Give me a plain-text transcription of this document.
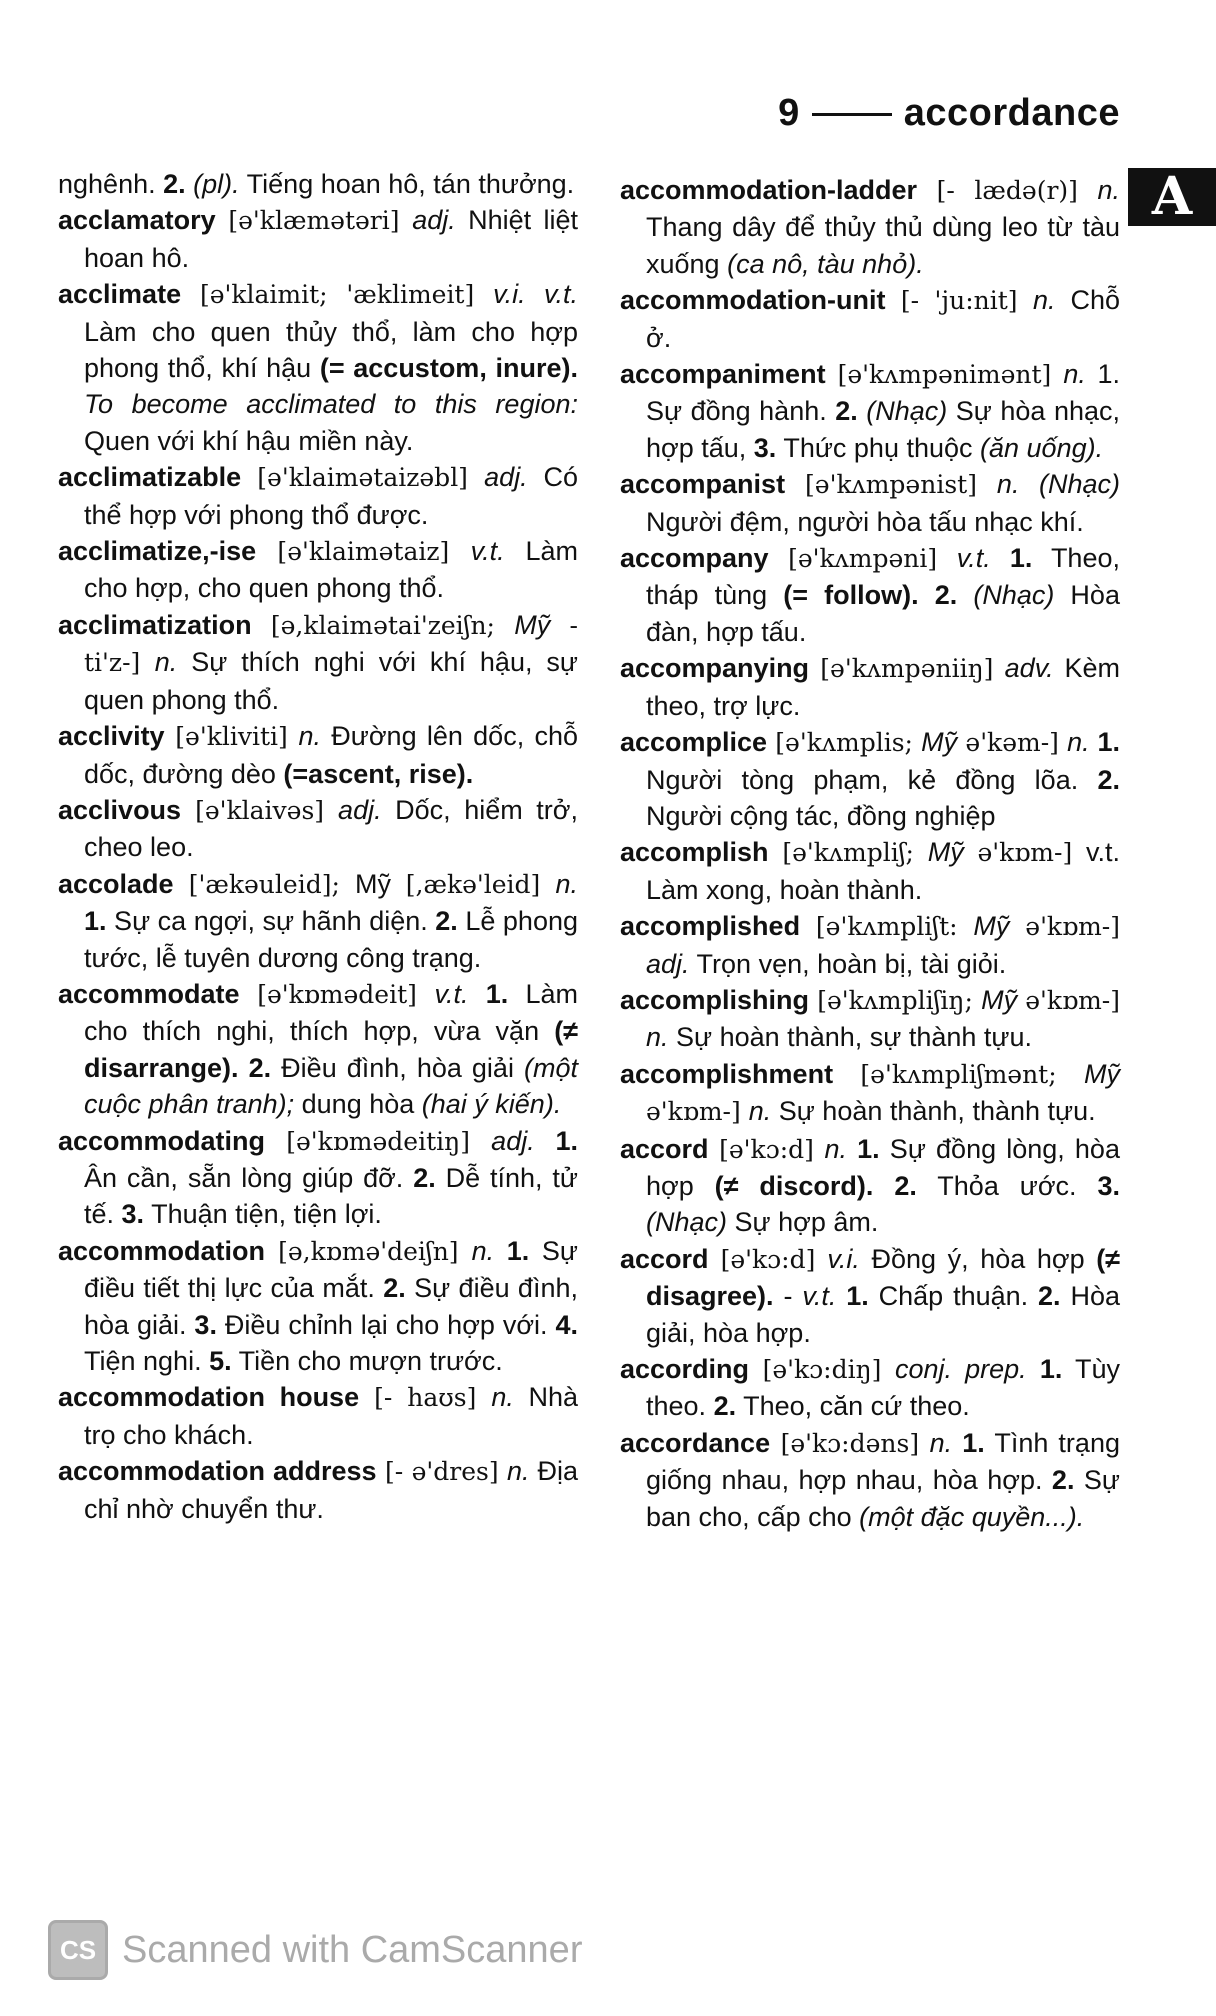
9	accordance
A

nghênh. 2. (pl). Tiếng hoan hô, tán thưởng.

acclamatory [ə'klæmətəri] adj. Nhiệt liệt hoan hô.

acclimate [ə'klaimit; 'æklimeit] v.i. v.t. Làm cho quen thủy thổ, làm cho hợp phong thổ, khí hậu (= accustom, inure). To become acclimated to this region: Quen với khí hậu miền này.

acclimatizable [ə'klaimətaizəbl] adj. Có thể hợp với phong thổ được.

acclimatize,-ise [ə'klaimətaiz] v.t. Làm cho hợp, cho quen phong thổ.

acclimatization [ə,klaimətai'zeiʃn; Mỹ -ti'z-] n. Sự thích nghi với khí hậu, sự quen phong thổ.

acclivity [ə'kliviti] n. Đường lên dốc, chỗ dốc, đường dèo (=ascent, rise).

acclivous [ə'klaivəs] adj. Dốc, hiểm trở, cheo leo.

accolade ['ækəuleid]; Mỹ [,ækə'leid] n. 1. Sự ca ngợi, sự hãnh diện. 2. Lễ phong tước, lễ tuyên dương công trạng.

accommodate [ə'kɒmədeit] v.t. 1. Làm cho thích nghi, thích hợp, vừa vặn (≠ disarrange). 2. Điều đình, hòa giải (một cuộc phân tranh); dung hòa (hai ý kiến).

accommodating [ə'kɒmədeitiŋ] adj. 1. Ân cần, sẵn lòng giúp đỡ. 2. Dễ tính, tử tế. 3. Thuận tiện, tiện lợi.

accommodation [ə,kɒmə'deiʃn] n. 1. Sự điều tiết thị lực của mắt. 2. Sự điều đình, hòa giải. 3. Điều chỉnh lại cho hợp với. 4. Tiện nghi. 5. Tiền cho mượn trước.

accommodation house [- haʊs] n. Nhà trọ cho khách.

accommodation address [- ə'dres] n. Địa chỉ nhờ chuyển thư.

accommodation-ladder [- lædə(r)] n. Thang dây để thủy thủ dùng leo từ tàu xuống (ca nô, tàu nhỏ).

accommodation-unit [- 'ju:nit] n. Chỗ ở.

accompaniment [ə'kʌmpənimənt] n. 1. Sự đồng hành. 2. (Nhạc) Sự hòa nhạc, hợp tấu, 3. Thức phụ thuộc (ăn uống).

accompanist [ə'kʌmpənist] n. (Nhạc) Người đệm, người hòa tấu nhạc khí.

accompany [ə'kʌmpəni] v.t. 1. Theo, tháp tùng (= follow). 2. (Nhạc) Hòa đàn, hợp tấu.

accompanying [ə'kʌmpəniiŋ] adv. Kèm theo, trợ lực.

accomplice [ə'kʌmplis; Mỹ ə'kəm-] n. 1. Người tòng phạm, kẻ đồng lõa. 2. Người cộng tác, đồng nghiệp

accomplish [ə'kʌmpliʃ; Mỹ ə'kɒm-] v.t. Làm xong, hoàn thành.

accomplished [ə'kʌmpliʃt: Mỹ ə'kɒm-] adj. Trọn vẹn, hoàn bị, tài giỏi.

accomplishing [ə'kʌmpliʃiŋ; Mỹ ə'kɒm-] n. Sự hoàn thành, sự thành tựu.

accomplishment [ə'kʌmpliʃmənt; Mỹ ə'kɒm-] n. Sự hoàn thành, thành tựu.

accord [ə'kɔ:d] n. 1. Sự đồng lòng, hòa hợp (≠ discord). 2. Thỏa ước. 3. (Nhạc) Sự hợp âm.

accord [ə'kɔ:d] v.i. Đồng ý, hòa hợp (≠ disagree). - v.t. 1. Chấp thuận. 2. Hòa giải, hòa hợp.

according [ə'kɔ:diŋ] conj. prep. 1. Tùy theo. 2. Theo, căn cứ theo.

accordance [ə'kɔ:dəns] n. 1. Tình trạng giống nhau, hợp nhau, hòa hợp. 2. Sự ban cho, cấp cho (một đặc quyền...).

CS Scanned with CamScanner
